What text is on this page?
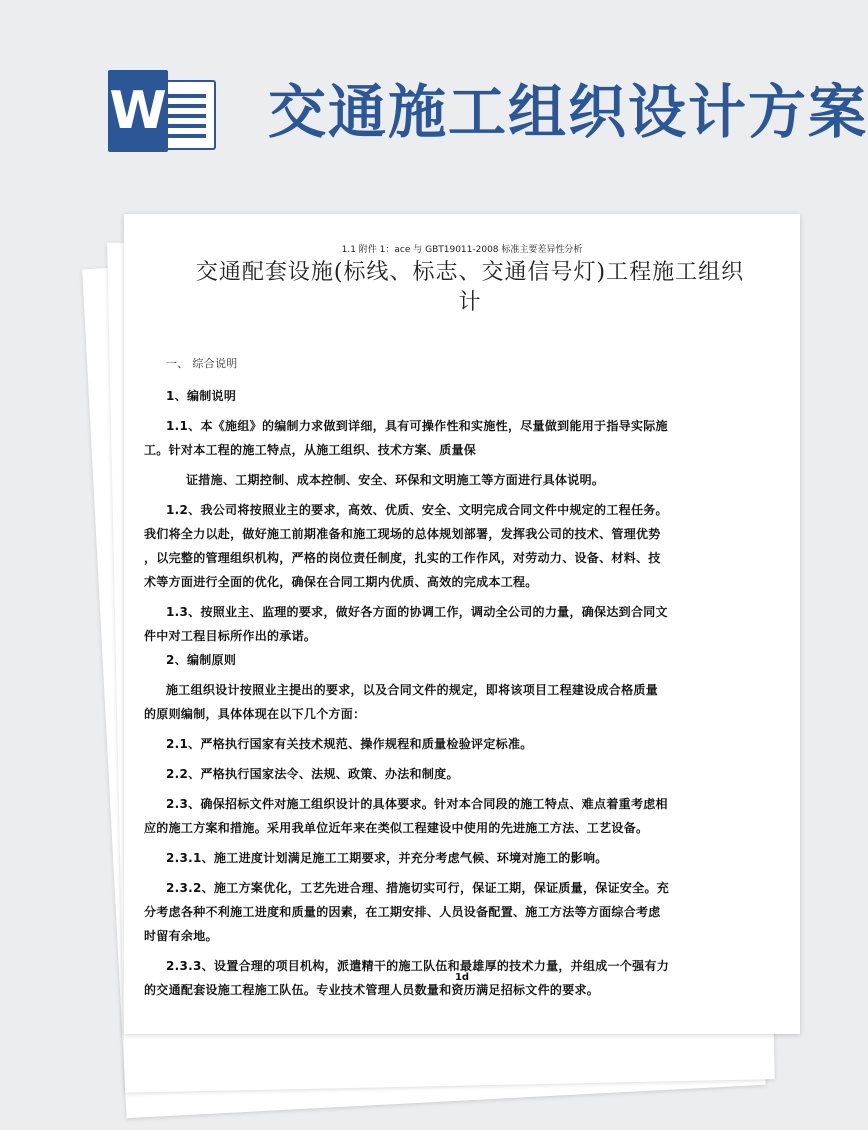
W 交通施工组织设计方案
1.1 附件 1：ace 与 GBT19011-2008 标准主要差异性分析
交通配套设施(标线、标志、交通信号灯)工程施工组织
计

一、 综合说明

1、编制说明

1.1、本《施组》的编制力求做到详细，具有可操作性和实施性，尽量做到能用于指导实际施

工。针对本工程的施工特点，从施工组织、技术方案、质量保

证措施、工期控制、成本控制、安全、环保和文明施工等方面进行具体说明。

1.2、我公司将按照业主的要求，高效、优质、安全、文明完成合同文件中规定的工程任务。

我们将全力以赴，做好施工前期准备和施工现场的总体规划部署，发挥我公司的技术、管理优势

，以完整的管理组织机构，严格的岗位责任制度，扎实的工作作风，对劳动力、设备、材料、技

术等方面进行全面的优化，确保在合同工期内优质、高效的完成本工程。

1.3、按照业主、监理的要求，做好各方面的协调工作，调动全公司的力量，确保达到合同文

件中对工程目标所作出的承诺。

2、编制原则

施工组织设计按照业主提出的要求，以及合同文件的规定，即将该项目工程建设成合格质量

的原则编制，具体体现在以下几个方面：

2.1、严格执行国家有关技术规范、操作规程和质量检验评定标准。

2.2、严格执行国家法令、法规、政策、办法和制度。

2.3、确保招标文件对施工组织设计的具体要求。针对本合同段的施工特点、难点着重考虑相

应的施工方案和措施。采用我单位近年来在类似工程建设中使用的先进施工方法、工艺设备。

2.3.1、施工进度计划满足施工工期要求，并充分考虑气候、环境对施工的影响。

2.3.2、施工方案优化，工艺先进合理、措施切实可行，保证工期，保证质量，保证安全。充

分考虑各种不利施工进度和质量的因素，在工期安排、人员设备配置、施工方法等方面综合考虑

时留有余地。

2.3.3、设置合理的项目机构，派遣精干的施工队伍和最雄厚的技术力量，并组成一个强有力

的交通配套设施工程施工队伍。专业技术管理人员数量和资历满足招标文件的要求。

1d
